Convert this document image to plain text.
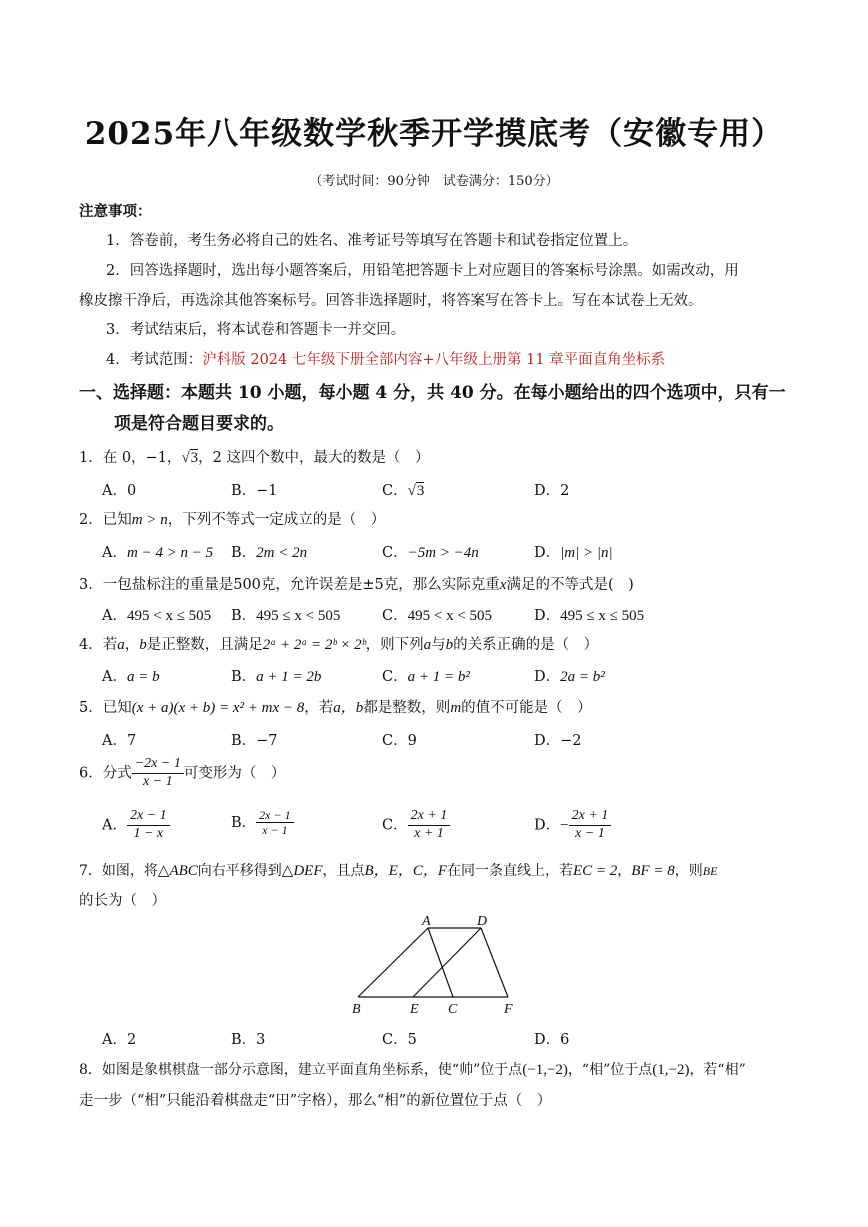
2025年八年级数学秋季开学摸底考（安徽专用）
（考试时间：90分钟　试卷满分：150分）
注意事项：
1．答卷前，考生务必将自己的姓名、准考证号等填写在答题卡和试卷指定位置上。
2．回答选择题时，选出每小题答案后，用铅笔把答题卡上对应题目的答案标号涂黑。如需改动，用
橡皮擦干净后，再选涂其他答案标号。回答非选择题时，将答案写在答卡上。写在本试卷上无效。
3．考试结束后，将本试卷和答题卡一并交回。
4．考试范围：沪科版 2024 七年级下册全部内容+八年级上册第 11 章平面直角坐标系
一、选择题：本题共 10 小题，每小题 4 分，共 40 分。在每小题给出的四个选项中，只有一
项是符合题目要求的。
1．在 0，−1，√3，2 这四个数中，最大的数是（　）
A．0	B．−1	C．√3	D．2
2．已知m > n，下列不等式一定成立的是（　）
A．m − 4 > n − 5 B．2m < 2n	C．−5m > −4n	D．|m| > |n|
3．一包盐标注的重量是500克，允许误差是±5克，那么实际克重x满足的不等式是(　)
A．495 < x ≤ 505 B．495 ≤ x < 505	C．495 < x < 505	D．495 ≤ x ≤ 505
4．若a，b是正整数，且满足2ᵃ + 2ᵃ = 2ᵇ × 2ᵇ，则下列a与b的关系正确的是（　）
A．a = b	B．a + 1 = 2b	C．a + 1 = b²	D．2a = b²
5．已知(x + a)(x + b) = x² + mx − 8，若a，b都是整数，则m的值不可能是（　）
A．7	B．−7	C．9	D．−2
6．分式 $\frac{-2x - 1}{x - 1}$ 可变形为（　）
A． $\frac{2x - 1}{1 - x}$	B． $\frac{2x - 1}{x - 1}$	C． $\frac{2x + 1}{x + 1}$	D．− $\frac{2x + 1}{x - 1}$
7．如图，将△ABC向右平移得到△DEF，且点B，E，C，F在同一条直线上，若EC = 2，BF = 8，则BE
的长为（　）
A	D
B	E C	F
A．2	B．3	C．5	D．6
8．如图是象棋棋盘一部分示意图，建立平面直角坐标系，使“帅”位于点(−1,−2)，“相”位于点(1,−2)，若“相”
走一步（“相”只能沿着棋盘走“田”字格），那么“相”的新位置位于点（　）
